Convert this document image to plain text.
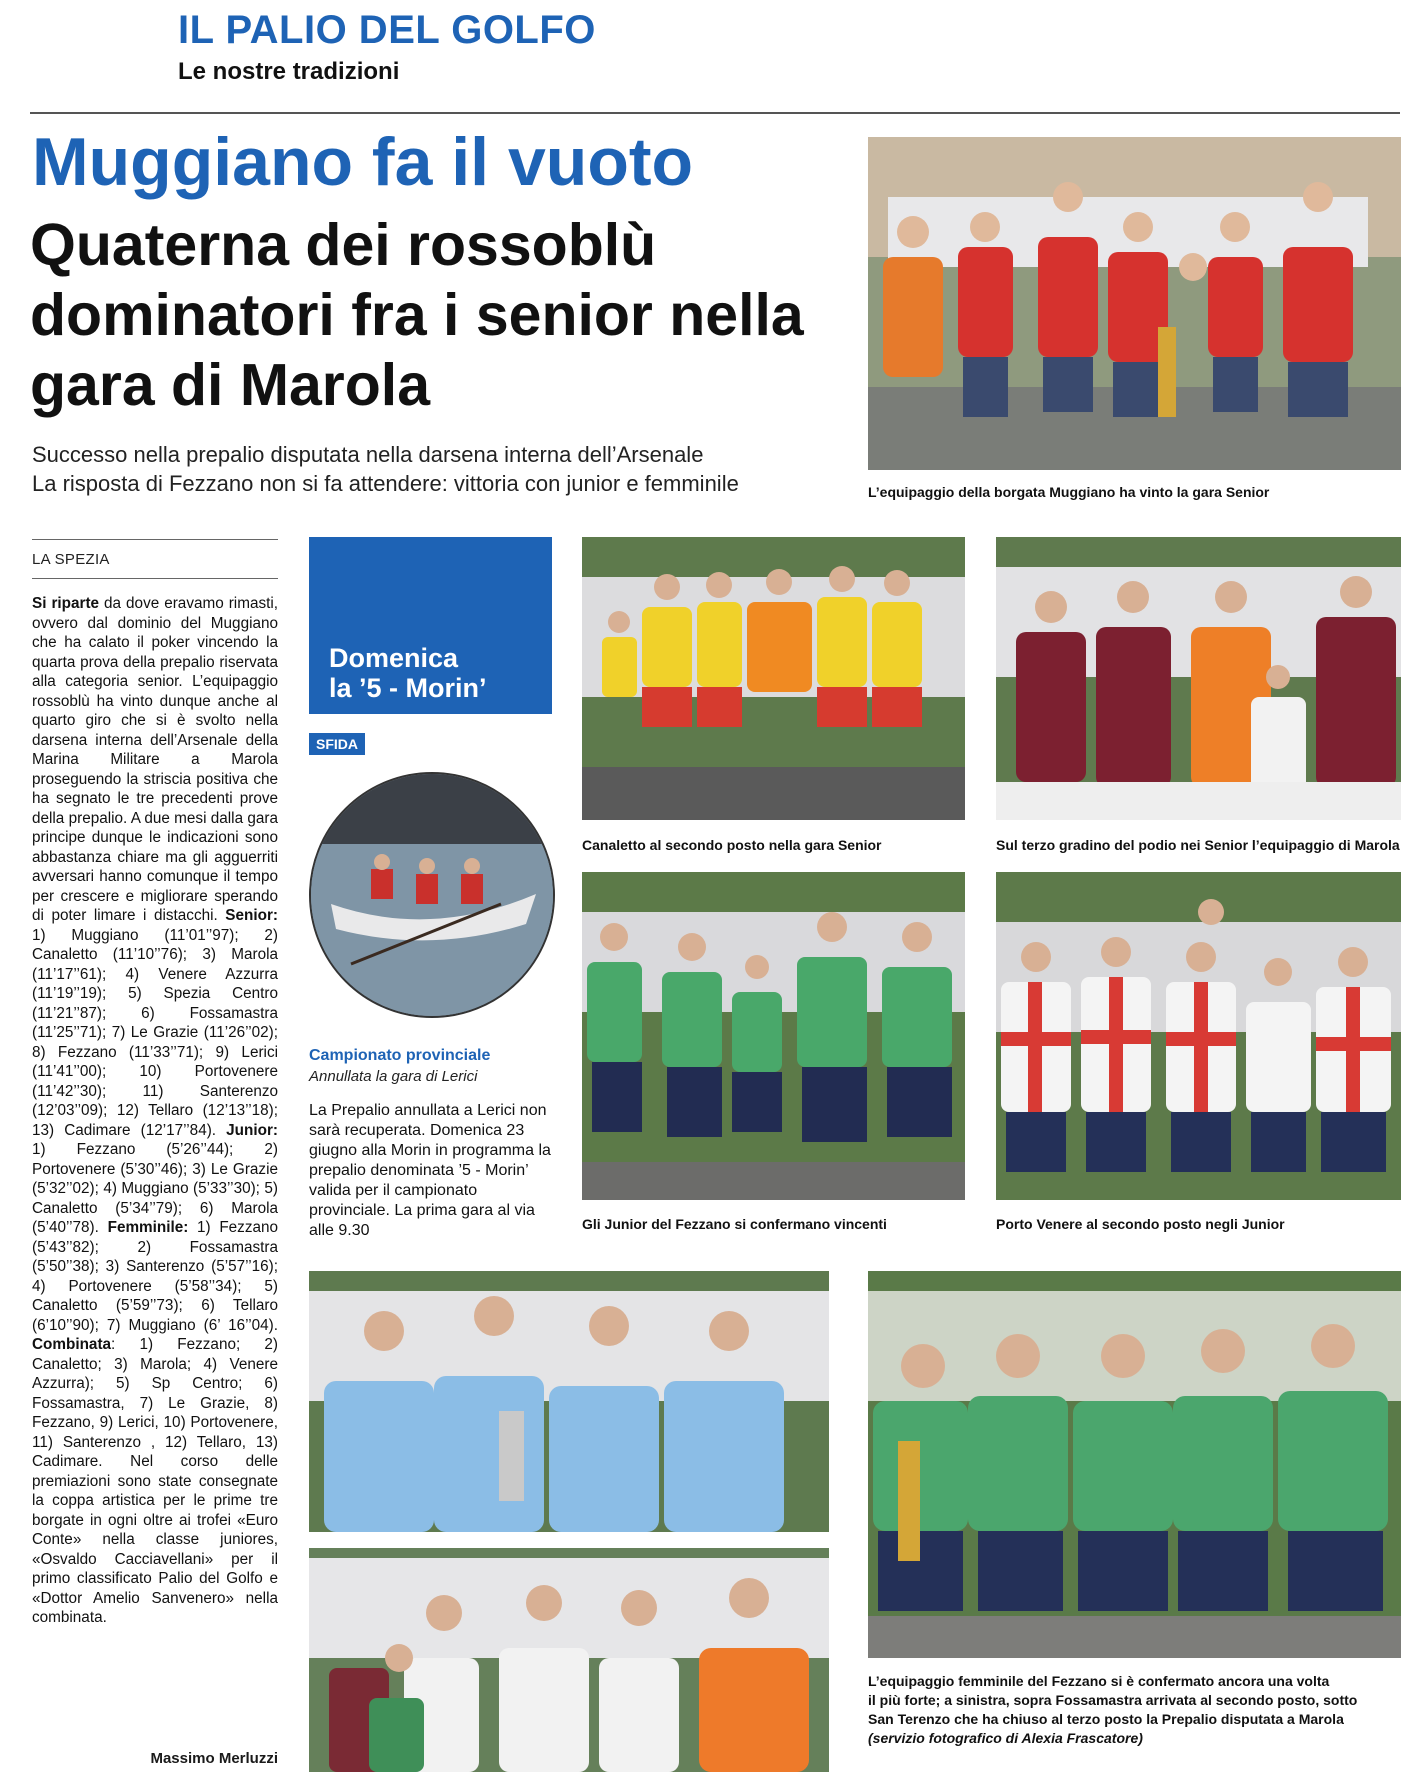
IL PALIO DEL GOLFO
Le nostre tradizioni
Muggiano fa il vuoto
Quaterna dei rossoblù dominatori fra i senior nella gara di Marola
Successo nella prepalio disputata nella darsena interna dell’Arsenale
La risposta di Fezzano non si fa attendere: vittoria con junior e femminile	L’equipaggio della borgata Muggiano ha vinto la gara Senior
LA SPEZIA
Si riparte da dove eravamo rimasti, ovvero dal dominio del Muggiano che ha calato il poker vincendo la quarta prova della prepalio riservata alla categoria senior. L’equipaggio rossoblù ha vinto dunque anche al quarto giro che si è svolto nella darsena interna dell’Arsenale della Marina Militare a Marola proseguendo la striscia positiva che ha segnato le tre precedenti prove della prepalio. A due mesi dalla gara principe dunque le indicazioni sono abbastanza chiare ma gli agguerriti avversari hanno comunque il tempo per crescere e migliorare sperando di poter limare i distacchi. Senior: 1) Muggiano (11’01’’97); 2) Canaletto (11’10’’76); 3) Marola (11’17’’61); 4) Venere Azzurra (11’19’’19); 5) Spezia Centro (11’21’’87); 6) Fossamastra (11’25’’71); 7) Le Grazie (11’26’’02); 8) Fezzano (11’33’’71); 9) Lerici (11’41’’00); 10) Portovenere (11’42’’30); 11) Santerenzo (12’03’’09); 12) Tellaro (12’13’’18); 13) Cadimare (12’17’’84). Junior: 1) Fezzano (5’26’’44); 2) Portovenere (5’30’’46); 3) Le Grazie (5’32’’02); 4) Muggiano (5’33’’30); 5) Canaletto (5’34’’79); 6) Marola (5’40’’78). Femminile: 1) Fezzano (5’43’’82); 2) Fossamastra (5’50’’38); 3) Santerenzo (5’57’’16); 4) Portovenere (5’58’’34); 5) Canaletto (5’59’’73); 6) Tellaro (6’10’’90); 7) Muggiano (6’ 16’’04). Combinata: 1) Fezzano; 2) Canaletto; 3) Marola; 4) Venere Azzurra); 5) Sp Centro; 6) Fossamastra, 7) Le Grazie, 8) Fezzano, 9) Lerici, 10) Portovenere, 11) Santerenzo , 12) Tellaro, 13) Cadimare. Nel corso delle premiazioni sono state consegnate la coppa artistica per le prime tre borgate in ogni oltre ai trofei «Euro Conte» nella classe juniores, «Osvaldo Cacciavellani» per il primo classificato Palio del Golfo e «Dottor Amelio Sanvenero» nella combinata.
Massimo Merluzzi
Domenica
la ’5 - Morin’
SFIDA
Campionato provinciale
Annullata la gara di Lerici
La Prepalio annullata a Lerici non sarà recuperata. Domenica 23 giugno alla Morin in programma la prepalio denominata ’5 - Morin’ valida per il campionato provinciale. La prima gara al via alle 9.30
Canaletto al secondo posto nella gara Senior	Sul terzo gradino del podio nei Senior l’equipaggio di Marola
Gli Junior del Fezzano si confermano vincenti	Porto Venere al secondo posto negli Junior
L’equipaggio femminile del Fezzano si è confermato ancora una volta
il più forte; a sinistra, sopra Fossamastra arrivata al secondo posto, sotto
San Terenzo che ha chiuso al terzo posto la Prepalio disputata a Marola
(servizio fotografico di Alexia Frascatore)
